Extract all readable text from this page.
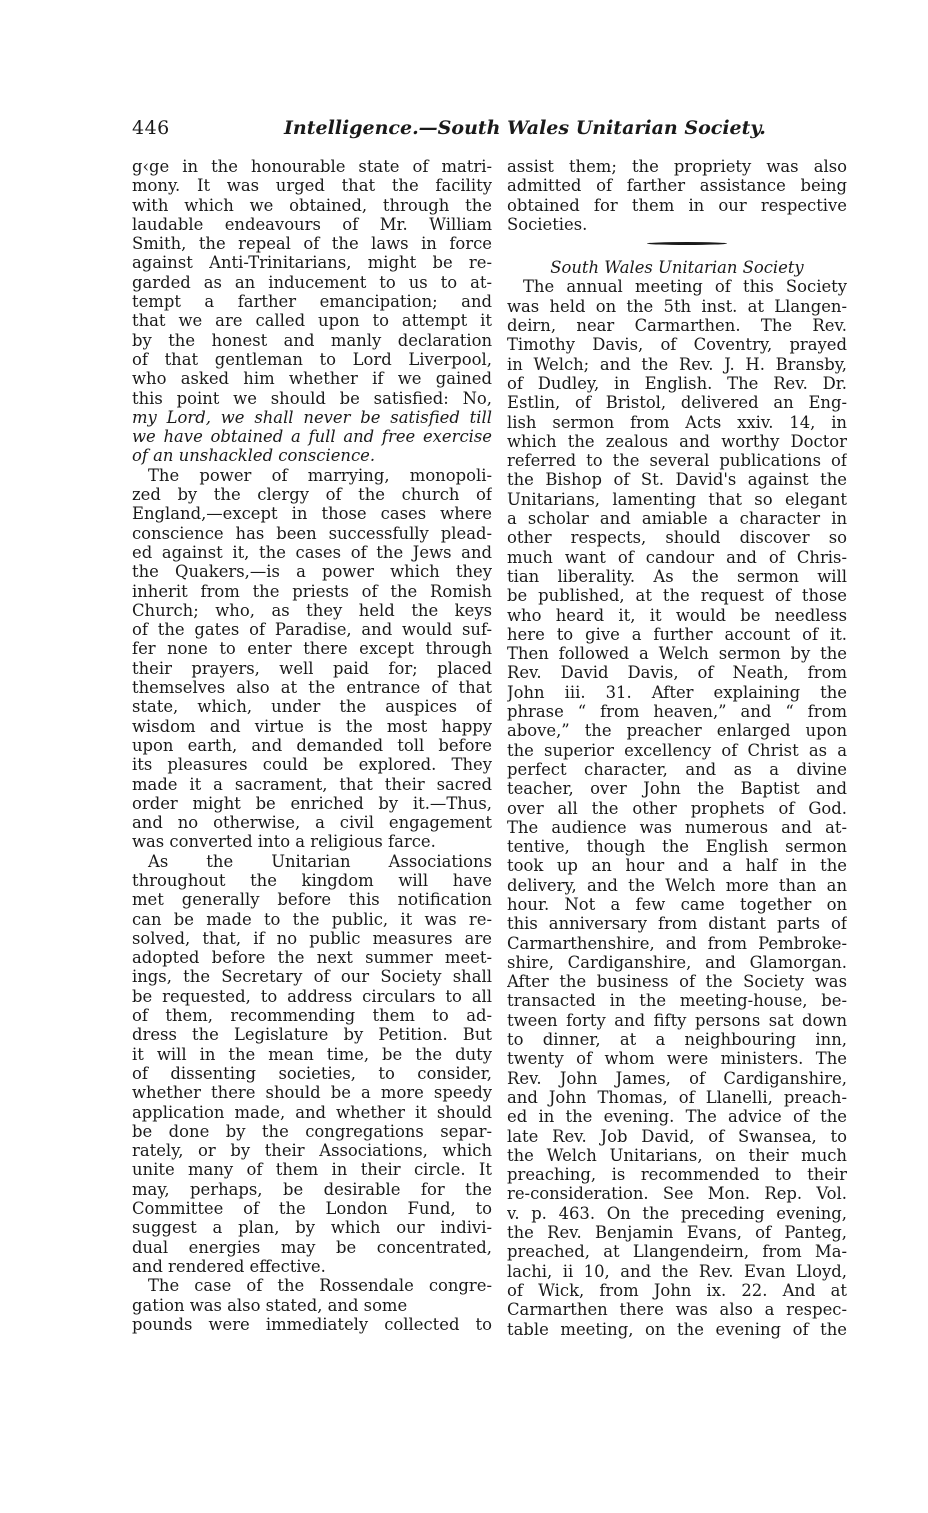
446	Intelligence.—South Wales Unitarian Society.
g‹ge in the honourable state of matri-
mony. It was urged that the facility
with which we obtained, through the
laudable endeavours of Mr. William
Smith, the repeal of the laws in force
against Anti-Trinitarians, might be re-
garded as an inducement to us to at-
tempt a farther emancipation; and
that we are called upon to attempt it
by the honest and manly declaration
of that gentleman to Lord Liverpool,
who asked him whether if we gained
this point we should be satisfied: No,
my Lord, we shall never be satisfied till
we have obtained a full and free exercise
of an unshackled conscience.
The power of marrying, monopoli-
zed by the clergy of the church of
England,—except in those cases where
conscience has been successfully plead-
ed against it, the cases of the Jews and
the Quakers,—is a power which they
inherit from the priests of the Romish
Church; who, as they held the keys
of the gates of Paradise, and would suf-
fer none to enter there except through
their prayers, well paid for; placed
themselves also at the entrance of that
state, which, under the auspices of
wisdom and virtue is the most happy
upon earth, and demanded toll before
its pleasures could be explored. They
made it a sacrament, that their sacred
order might be enriched by it.—Thus,
and no otherwise, a civil engagement
was converted into a religious farce.
As the Unitarian Associations
throughout the kingdom will have
met generally before this notification
can be made to the public, it was re-
solved, that, if no public measures are
adopted before the next summer meet-
ings, the Secretary of our Society shall
be requested, to address circulars to all
of them, recommending them to ad-
dress the Legislature by Petition. But
it will in the mean time, be the duty
of dissenting societies, to consider,
whether there should be a more speedy
application made, and whether it should
be done by the congregations separ-
rately, or by their Associations, which
unite many of them in their circle. It
may, perhaps, be desirable for the
Committee of the London Fund, to
suggest a plan, by which our indivi-
dual energies may be concentrated,
and rendered effective.
The case of the Rossendale congre-
gation was also stated, and some
pounds were immediately collected to
assist them; the propriety was also
admitted of farther assistance being
obtained for them in our respective
Societies.
South Wales Unitarian Society
The annual meeting of this Society
was held on the 5th inst. at Llangen-
deirn, near Carmarthen. The Rev.
Timothy Davis, of Coventry, prayed
in Welch; and the Rev. J. H. Bransby,
of Dudley, in English. The Rev. Dr.
Estlin, of Bristol, delivered an Eng-
lish sermon from Acts xxiv. 14, in
which the zealous and worthy Doctor
referred to the several publications of
the Bishop of St. David's against the
Unitarians, lamenting that so elegant
a scholar and amiable a character in
other respects, should discover so
much want of candour and of Chris-
tian liberality. As the sermon will
be published, at the request of those
who heard it, it would be needless
here to give a further account of it.
Then followed a Welch sermon by the
Rev. David Davis, of Neath, from
John iii. 31. After explaining the
phrase “ from heaven,” and “ from
above,” the preacher enlarged upon
the superior excellency of Christ as a
perfect character, and as a divine
teacher, over John the Baptist and
over all the other prophets of God.
The audience was numerous and at-
tentive, though the English sermon
took up an hour and a half in the
delivery, and the Welch more than an
hour. Not a few came together on
this anniversary from distant parts of
Carmarthenshire, and from Pembroke-
shire, Cardiganshire, and Glamorgan.
After the business of the Society was
transacted in the meeting-house, be-
tween forty and fifty persons sat down
to dinner, at a neighbouring inn,
twenty of whom were ministers. The
Rev. John James, of Cardiganshire,
and John Thomas, of Llanelli, preach-
ed in the evening. The advice of the
late Rev. Job David, of Swansea, to
the Welch Unitarians, on their much
preaching, is recommended to their
re-consideration. See Mon. Rep. Vol.
v. p. 463. On the preceding evening,
the Rev. Benjamin Evans, of Panteg,
preached, at Llangendeirn, from Ma-
lachi, ii 10, and the Rev. Evan Lloyd,
of Wick, from John ix. 22. And at
Carmarthen there was also a respec-
table meeting, on the evening of the
